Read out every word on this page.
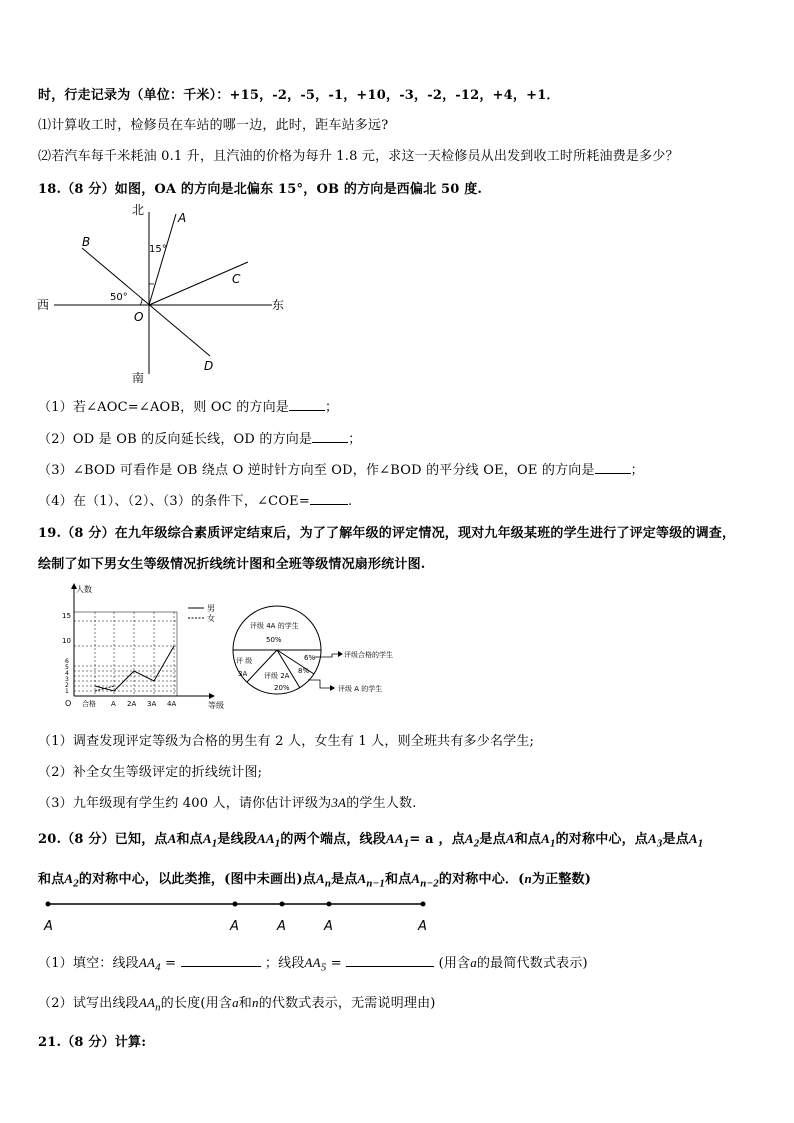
时，行走记录为（单位：千米）：+15，-2，-5，-1，+10，-3，-2，-12，+4，+1．
⑴计算收工时，检修员在车站的哪一边，此时，距车站多远?
⑵若汽车每千米耗油 0.1 升，且汽油的价格为每升 1.8 元，求这一天检修员从出发到收工时所耗油费是多少？
18.（8 分）如图，OA 的方向是北偏东 15°，OB 的方向是西偏北 50 度.
北
南
西	东
A
B
C
D
O
15°
50°
（1）若∠AOC=∠AOB，则 OC 的方向是	；
（2）OD 是 OB 的反向延长线，OD 的方向是	；
（3）∠BOD 可看作是 OB 绕点 O 逆时针方向至 OD，作∠BOD 的平分线 OE，OE 的方向是	；
（4）在（1）、（2）、（3）的条件下，∠COE=	.
19.（8 分）在九年级综合素质评定结束后，为了了解年级的评定情况，现对九年级某班的学生进行了评定等级的调查，
绘制了如下男女生等级情况折线统计图和全班等级情况扇形统计图.
人数
等级
15
10
6
5
4
3
2
1
O 合格 A 2A 3A 4A
男
女
评级 4A 的学生
50%
评 级
3A 评级 2A
20%
6%
8%
评级合格的学生
评级 A 的学生
（1）调查发现评定等级为合格的男生有 2 人，女生有 1 人，则全班共有多少名学生;
（2）补全女生等级评定的折线统计图;
（3）九年级现有学生约 400 人，请你估计评级为3A的学生人数.
20.（8 分）已知，点A和点$A_1$是线段$AA_1$的两个端点，线段$AA_1= a$ ，点$A_2$是点A和点$A_1$的对称中心，点$A_3$是点$A_1$
和点$A_2$的对称中心，以此类推，(图中未画出)点$A_n$是点$A_{n-1}$和点$A_{n-2}$的对称中心．(n为正整数)
A	A	A	A	A
（1）填空：线段$AA_4$ =	；线段$AA_5$ =	(用含a的最简代数式表示)
（2）试写出线段$AA_n$的长度(用含a和n的代数式表示，无需说明理由)
21.（8 分）计算:
